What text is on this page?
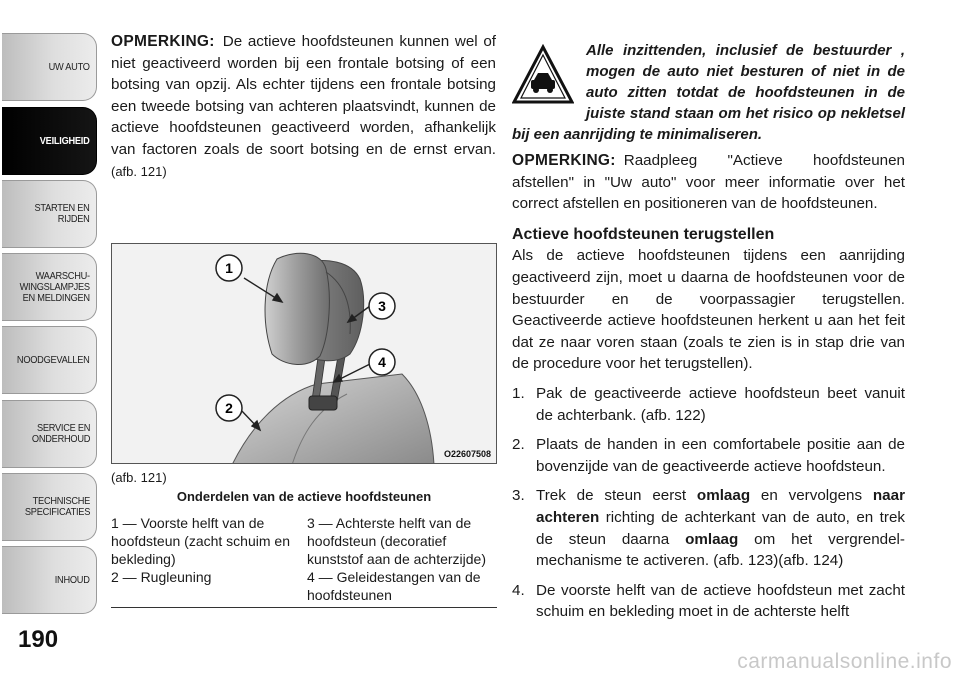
UW AUTO
VEILIGHEID
STARTEN EN
RIJDEN
WAARSCHU-
WINGSLAMPJES
EN MELDINGEN
NOODGEVALLEN
SERVICE EN
ONDERHOUD
TECHNISCHE
SPECIFICATIES
INHOUD
190

OPMERKING: De actieve hoofdsteunen kunnen wel of niet geactiveerd worden bij een frontale botsing of een botsing van opzij. Als echter tijdens een frontale botsing een tweede botsing van achteren plaatsvindt, kunnen de actieve hoofdsteunen geactiveerd worden, afhankelijk van factoren zoals de soort botsing en de ernst ervan. (afb. 121)

1
2
3
4
O22607508
(afb. 121)
Onderdelen van de actieve hoofdsteunen
1 — Voorste helft van de hoofdsteun (zacht schuim en bekleding)
3 — Achterste helft van de hoofdsteun (decoratief kunststof aan de achterzijde)
2 — Rugleuning	4 — Geleidestangen van de hoofdsteunen
Alle inzittenden, inclusief de bestuurder , mogen de auto niet besturen of niet in de auto zitten totdat de hoofdsteunen in de juiste stand staan om het risico op nekletsel bij een aanrijding te minimaliseren.

OPMERKING: Raadpleeg "Actieve hoofdsteunen afstellen" in "Uw auto" voor meer informatie over het correct afstellen en positioneren van de hoofdsteunen.

Actieve hoofdsteunen terugstellen

Als de actieve hoofdsteunen tijdens een aanrijding geactiveerd zijn, moet u daarna de hoofdsteunen voor de bestuurder en de voorpassagier terugstellen. Geactiveerde actieve hoofdsteunen herkent u aan het feit dat ze naar voren staan (zoals te zien is in stap drie van de procedure voor het terugstellen).

1. Pak de geactiveerde actieve hoofdsteun beet vanuit de achterbank. (afb. 122)
2. Plaats de handen in een comfortabele positie aan de bovenzijde van de geactiveerde actieve hoofdsteun.
3. Trek de steun eerst omlaag en vervolgens naar achteren richting de achterkant van de auto, en trek de steun daarna omlaag om het vergrendel-mechanisme te activeren. (afb. 123)(afb. 124)
4. De voorste helft van de actieve hoofdsteun met zacht schuim en bekleding moet in de achterste helft
carmanualsonline.info
